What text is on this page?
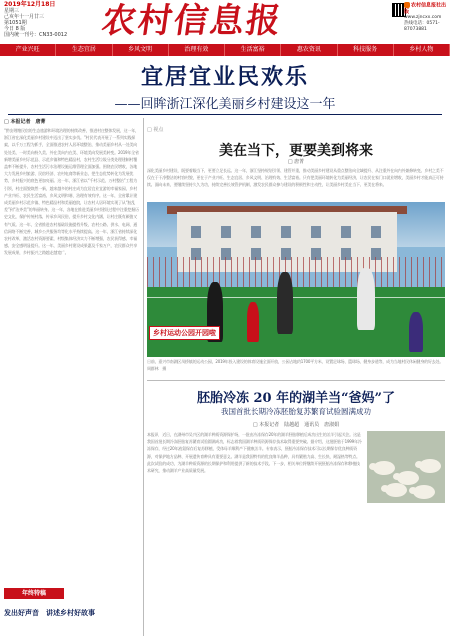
2019年12月18日
星期三
己亥年十一月廿三
第1051期
今日 8 版
国内统一刊号：CN33-0012 农村信息报	农村信息报社出版
www.zjncxx.com
热线电话：0571-87073881
产业兴旺	生态宜居	乡风文明	治理有效	生活富裕	惠农资讯	科技服务	乡村人物
宜居宜业民欢乐
——回眸浙江深化美丽乡村建设这一年
□ 本报记者　唐菁
“黔安理塘民宿的生态旅游和环境治理的持续改善，推进村庄整体发展，这一年，浙江省在深化美丽乡村建设中迈出了坚实步伐。”村民代表开展了一系列实践探索，以千万工程为抓手，全面推进农村人居环境整治，推动美丽乡村从一处美向处处美、一时美向持久美、外在美向内在美、环境美向发展美转变。2019年全省新增美丽乡村示范县、示范乡镇和特色精品村，农村生活垃圾分类处理建制村覆盖率不断提升，农村生活污水治理设施运维管理全面加强。围绕农民增收，各地大力发展乡村旅游、民宿经济、农村电商等新业态，把生态优势转化为发展优势，乡村振兴的底色更加亮丽。这一年，浙江省以“千村示范、万村整治”工程为引领，村庄面貌焕然一新，越来越多的村庄成为宜居宜业宜游的幸福家园，乡村产业兴旺、农民生活富裕、乡风文明和谐、治理有效有序。这一年，全省累计建成美丽乡村示范乡镇、特色精品村和美丽庭院，让农村人居环境实现了从“脏乱差”到“洁齐美”的华丽转身。这一年，各地在推进美丽乡村建设过程中注重挖掘历史文化，保护传统村落，传承乡风民俗，提升乡村文化内涵，让村庄既有颜值又有气质。这一年，全省推进农村基础设施提档升级，农村公路、供水、电网、通信网络不断完善，城乡公共服务均等化水平持续提高。这一年，浙江省持续深化农村改革，激活农村资源要素，村级集体经济实力不断增强，农民获得感、幸福感、安全感明显提升。这一年，美丽乡村建设成果惠及千家万户，农民群众共享发展成果，乡村振兴之路越走越宽广。
年终特稿
发出好声音　讲述乡村好故事
□ 视点
美在当下，更要美到将来
□ 唐菁
深化美丽乡村建设，既要着眼当下，更要立足长远。这一年，浙江坚持规划引领、建管并重，推动美丽乡村建设从重点整治向全域提升、从注重外在向内外兼修转变。乡村之美不仅在于干净整洁的村容村貌，更在于产业兴旺、生态宜居、乡风文明、治理有效、生活富裕。只有把美丽环境转化为美丽经济，让农民在家门口就业增收，美丽乡村才能真正可持续。面向未来，要继续坚持久久为功，持续完善长效管护机制，激发农民群众参与建设的积极性和主动性，让美丽乡村美在当下、更美在将来。
乡村运动公园开园啦
日前，嘉兴市南湖区凤桥镇的运动公园，2019年投入建设的体育设施全面开放，公园占地约1700平方米，设置足球场、篮球场、健身步道等，成为当地村民休闲健身的好去处。周群林　摄
胚胎冷冻 20 年的湖羊当“爸妈”了
我国首批长期冷冻胚胎复苏繁育试验圆满成功
□ 本报记者　陆越超　通讯员　唐淑娟
本报讯　近日，在湖州市吴兴区的湖羊种质资源保护场，一批由冷冻保存20年的湖羊胚胎移植后成功出生的羔羊引起关注。这是我国首批长期冷冻胚胎复苏繁育试验圆满成功，标志着我国湖羊种质资源保存技术取得重要突破。据介绍，这批胚胎于1999年冷冻保存，经过20年液氮保存后复苏移植，受体母羊顺利产下健康羔羊。专家表示，胚胎冷冻保存技术可以长期保存优良种质资源，对保护地方品种、开展遗传育种具有重要意义。湖羊是我国特有的优良绵羊品种，具有繁殖力高、生长快、耐湿热等特点。此次试验的成功，为湖羊种质资源的长期保护和利用提供了新的技术手段。下一步，相关单位将继续开展胚胎冷冻保存和移植技术研究，推动湖羊产业高质量发展。
